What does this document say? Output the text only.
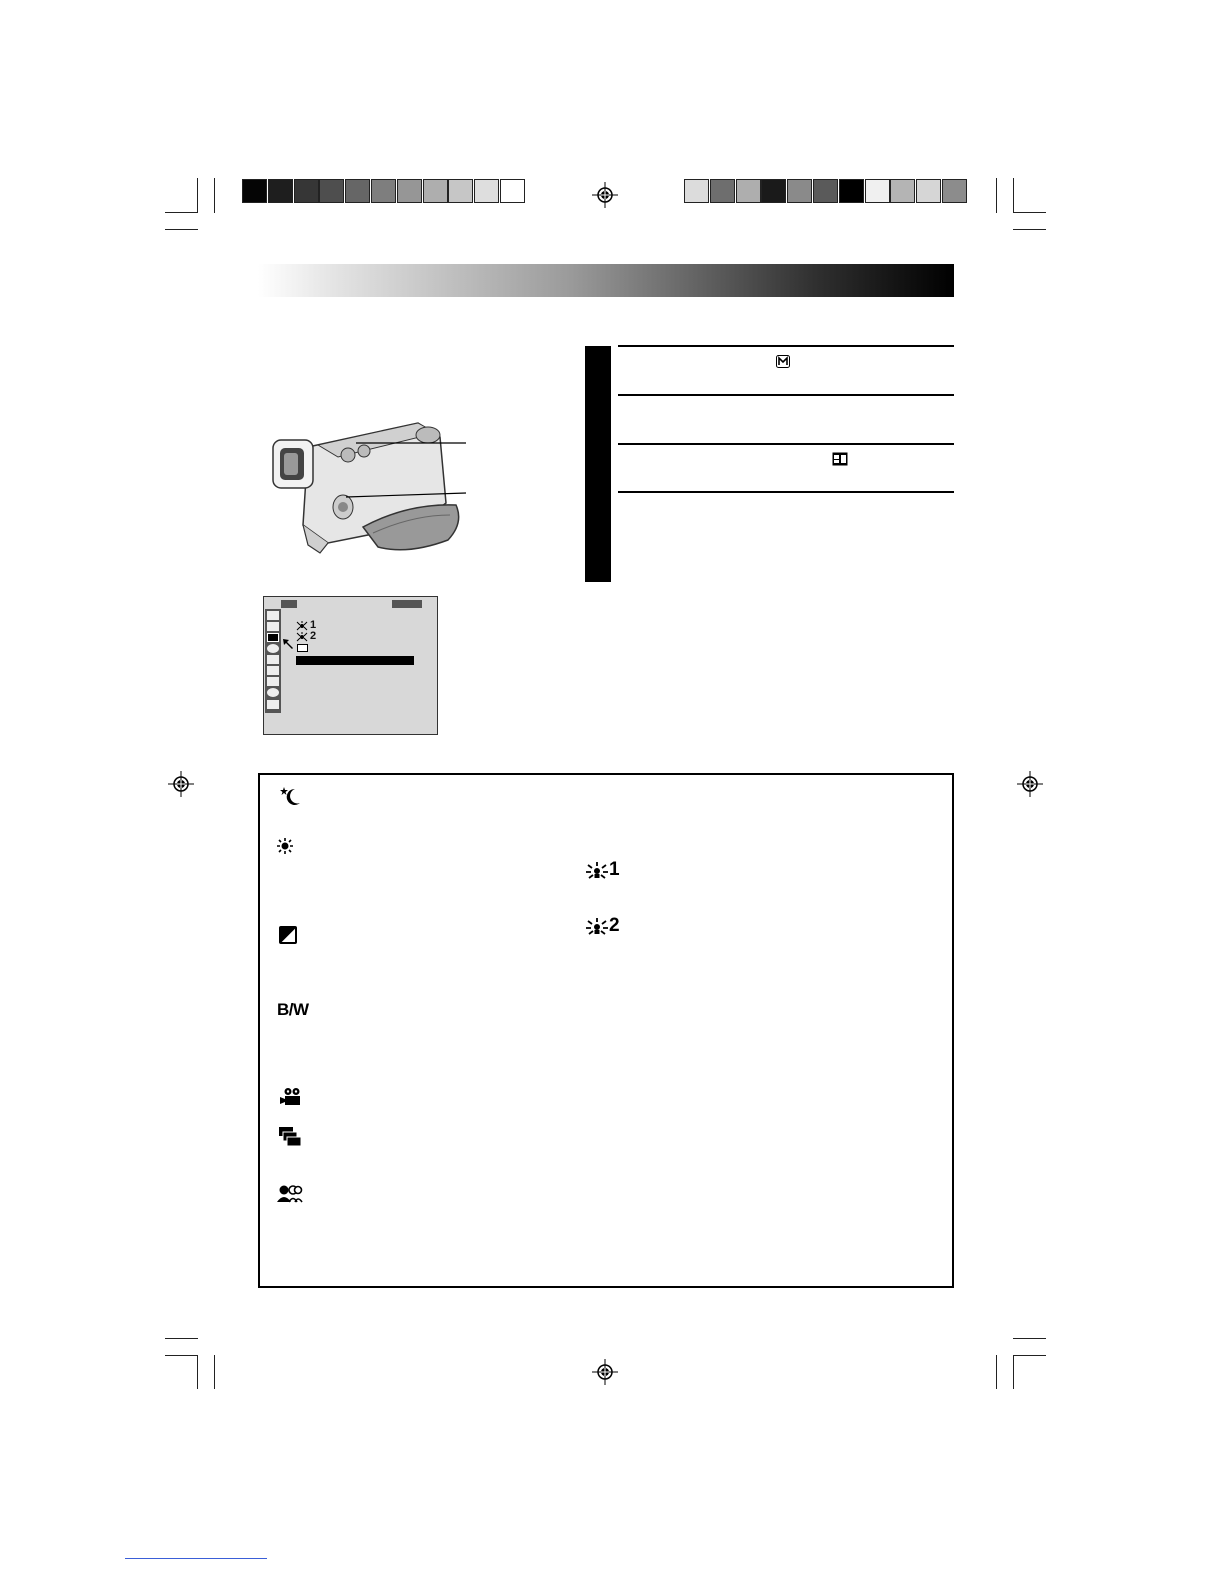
1
2
B/W
1
2
